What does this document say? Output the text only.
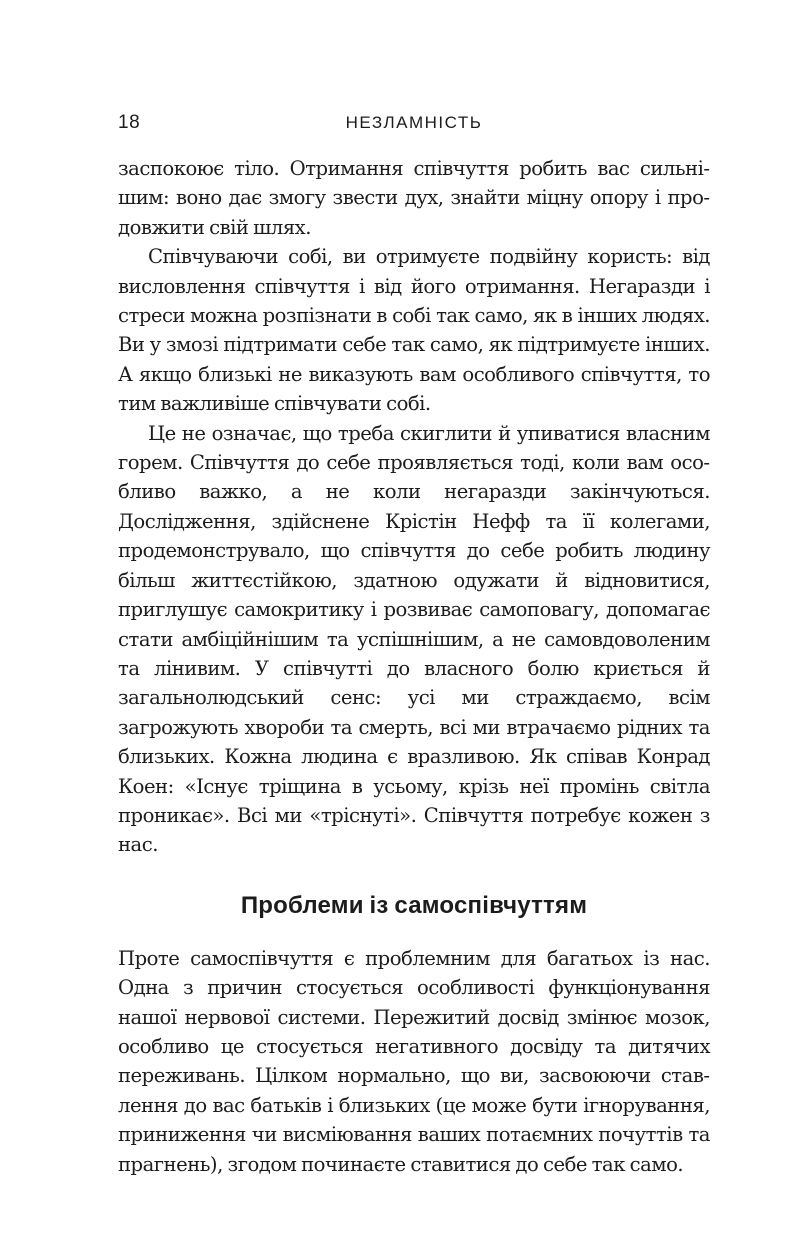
18	НЕЗЛАМНІСТЬ

заспокоює тіло. Отримання співчуття робить вас сильнішим: воно дає змогу звести дух, знайти міцну опору і продовжити свій шлях.

Співчуваючи собі, ви отримуєте подвійну користь: від висловлення співчуття і від його отримання. Негаразди і стреси можна розпізнати в собі так само, як в інших людях. Ви у змозі підтримати себе так само, як підтримуєте інших. А якщо близькі не виказують вам особливого співчуття, то тим важливіше співчувати собі.

Це не означає, що треба скиглити й упиватися власним горем. Співчуття до себе проявляється тоді, коли вам особливо важко, а не коли негаразди закінчуються. Дослідження, здійснене Крістін Нефф та її колегами, продемонструвало, що співчуття до себе робить людину більш життєстійкою, здатною одужати й відновитися, приглушує самокритику і розвиває самоповагу, допомагає стати амбіційнішим та успішнішим, а не самовдоволеним та лінивим. У співчутті до власного болю криється й загальнолюдський сенс: усі ми страждаємо, всім загрожують хвороби та смерть, всі ми втрачаємо рідних та близьких. Кожна людина є вразливою. Як співав Конрад Коен: «Існує тріщина в усьому, крізь неї промінь світла проникає». Всі ми «тріснуті». Співчуття потребує кожен з нас.

Проблеми із самоспівчуттям

Проте самоспівчуття є проблемним для багатьох із нас. Одна з причин стосується особливості функціонування нашої нервової системи. Пережитий досвід змінює мозок, особливо це стосується негативного досвіду та дитячих переживань. Цілком нормально, що ви, засвоюючи ставлення до вас батьків і близьких (це може бути ігнорування, приниження чи висміювання ваших потаємних почуттів та прагнень), згодом починаєте ставитися до себе так само.
